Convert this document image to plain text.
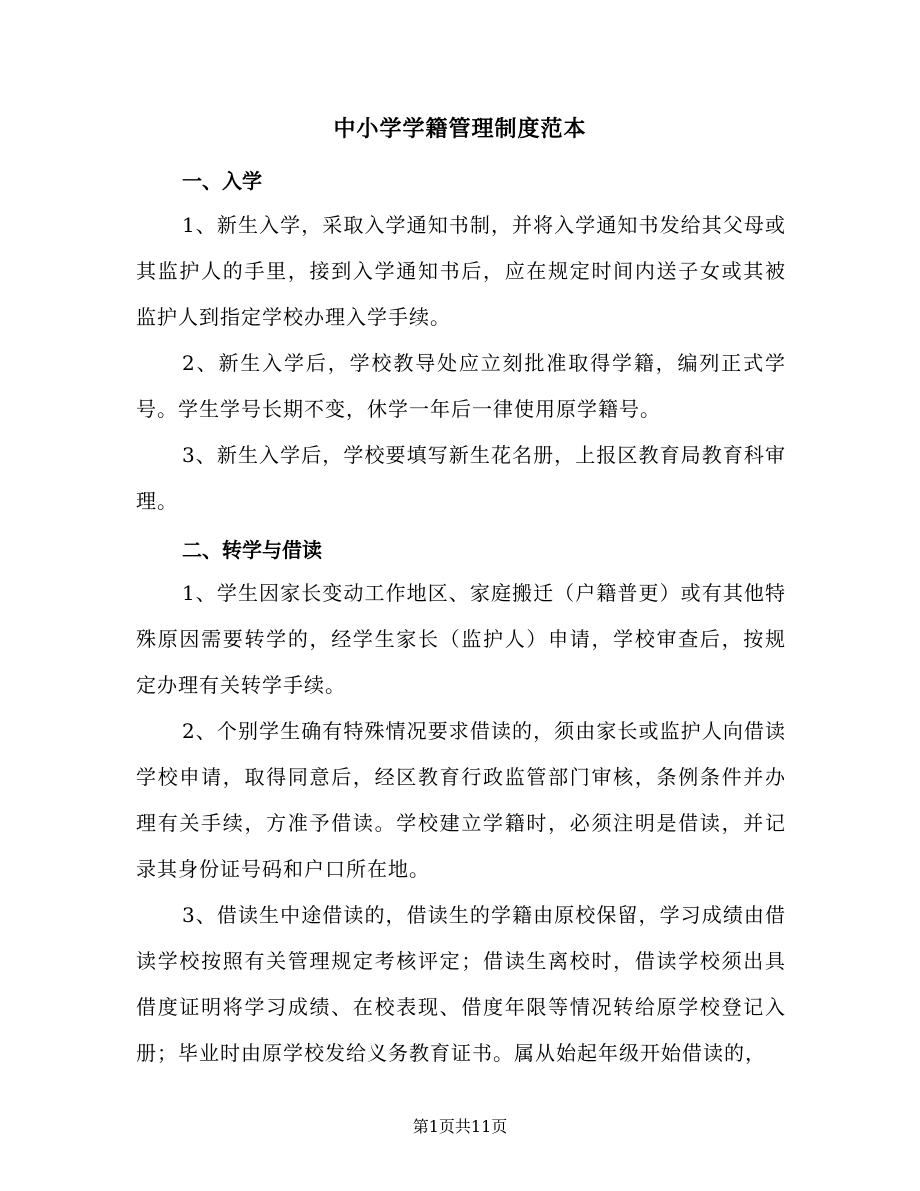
中小学学籍管理制度范本
一、入学
1、新生入学，采取入学通知书制，并将入学通知书发给其父母或其监护人的手里，接到入学通知书后，应在规定时间内送子女或其被监护人到指定学校办理入学手续。
2、新生入学后，学校教导处应立刻批准取得学籍，编列正式学号。学生学号长期不变，休学一年后一律使用原学籍号。
3、新生入学后，学校要填写新生花名册，上报区教育局教育科审理。
二、转学与借读
1、学生因家长变动工作地区、家庭搬迁（户籍普更）或有其他特殊原因需要转学的，经学生家长（监护人）申请，学校审查后，按规定办理有关转学手续。
2、个别学生确有特殊情况要求借读的，须由家长或监护人向借读学校申请，取得同意后，经区教育行政监管部门审核，条例条件并办理有关手续，方准予借读。学校建立学籍时，必须注明是借读，并记录其身份证号码和户口所在地。
3、借读生中途借读的，借读生的学籍由原校保留，学习成绩由借读学校按照有关管理规定考核评定；借读生离校时，借读学校须出具借度证明将学习成绩、在校表现、借度年限等情况转给原学校登记入册；毕业时由原学校发给义务教育证书。属从始起年级开始借读的，
第1页共11页
